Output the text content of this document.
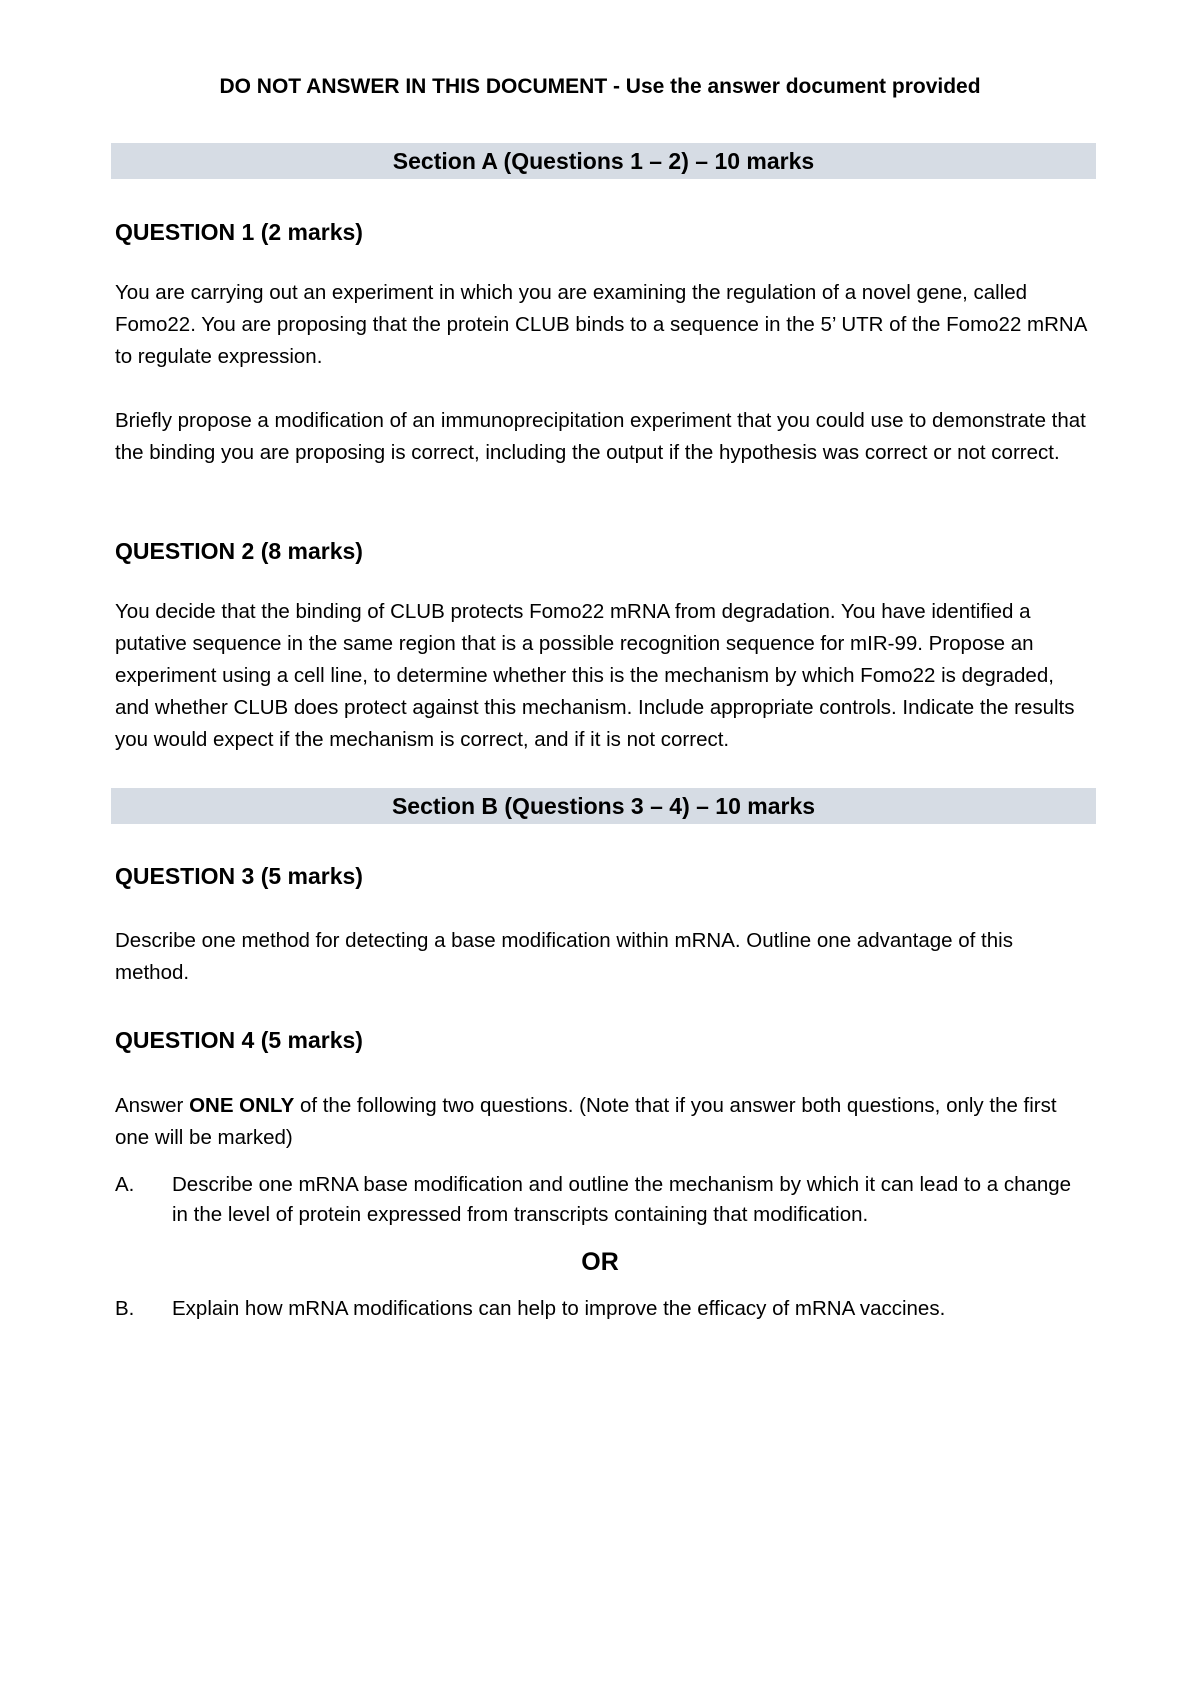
DO NOT ANSWER IN THIS DOCUMENT - Use the answer document provided
Section A (Questions 1 – 2) – 10 marks
QUESTION 1 (2 marks)
You are carrying out an experiment in which you are examining the regulation of a novel gene, called Fomo22. You are proposing that the protein CLUB binds to a sequence in the 5’ UTR of the Fomo22 mRNA to regulate expression.
Briefly propose a modification of an immunoprecipitation experiment that you could use to demonstrate that the binding you are proposing is correct, including the output if the hypothesis was correct or not correct.
QUESTION 2 (8 marks)
You decide that the binding of CLUB protects Fomo22 mRNA from degradation. You have identified a putative sequence in the same region that is a possible recognition sequence for mIR-99. Propose an experiment using a cell line, to determine whether this is the mechanism by which Fomo22 is degraded, and whether CLUB does protect against this mechanism. Include appropriate controls. Indicate the results you would expect if the mechanism is correct, and if it is not correct.
Section B (Questions 3 – 4) – 10 marks
QUESTION 3 (5 marks)
Describe one method for detecting a base modification within mRNA. Outline one advantage of this method.
QUESTION 4 (5 marks)
Answer ONE ONLY of the following two questions. (Note that if you answer both questions, only the first one will be marked)
A. Describe one mRNA base modification and outline the mechanism by which it can lead to a change in the level of protein expressed from transcripts containing that modification.
OR
B. Explain how mRNA modifications can help to improve the efficacy of mRNA vaccines.
